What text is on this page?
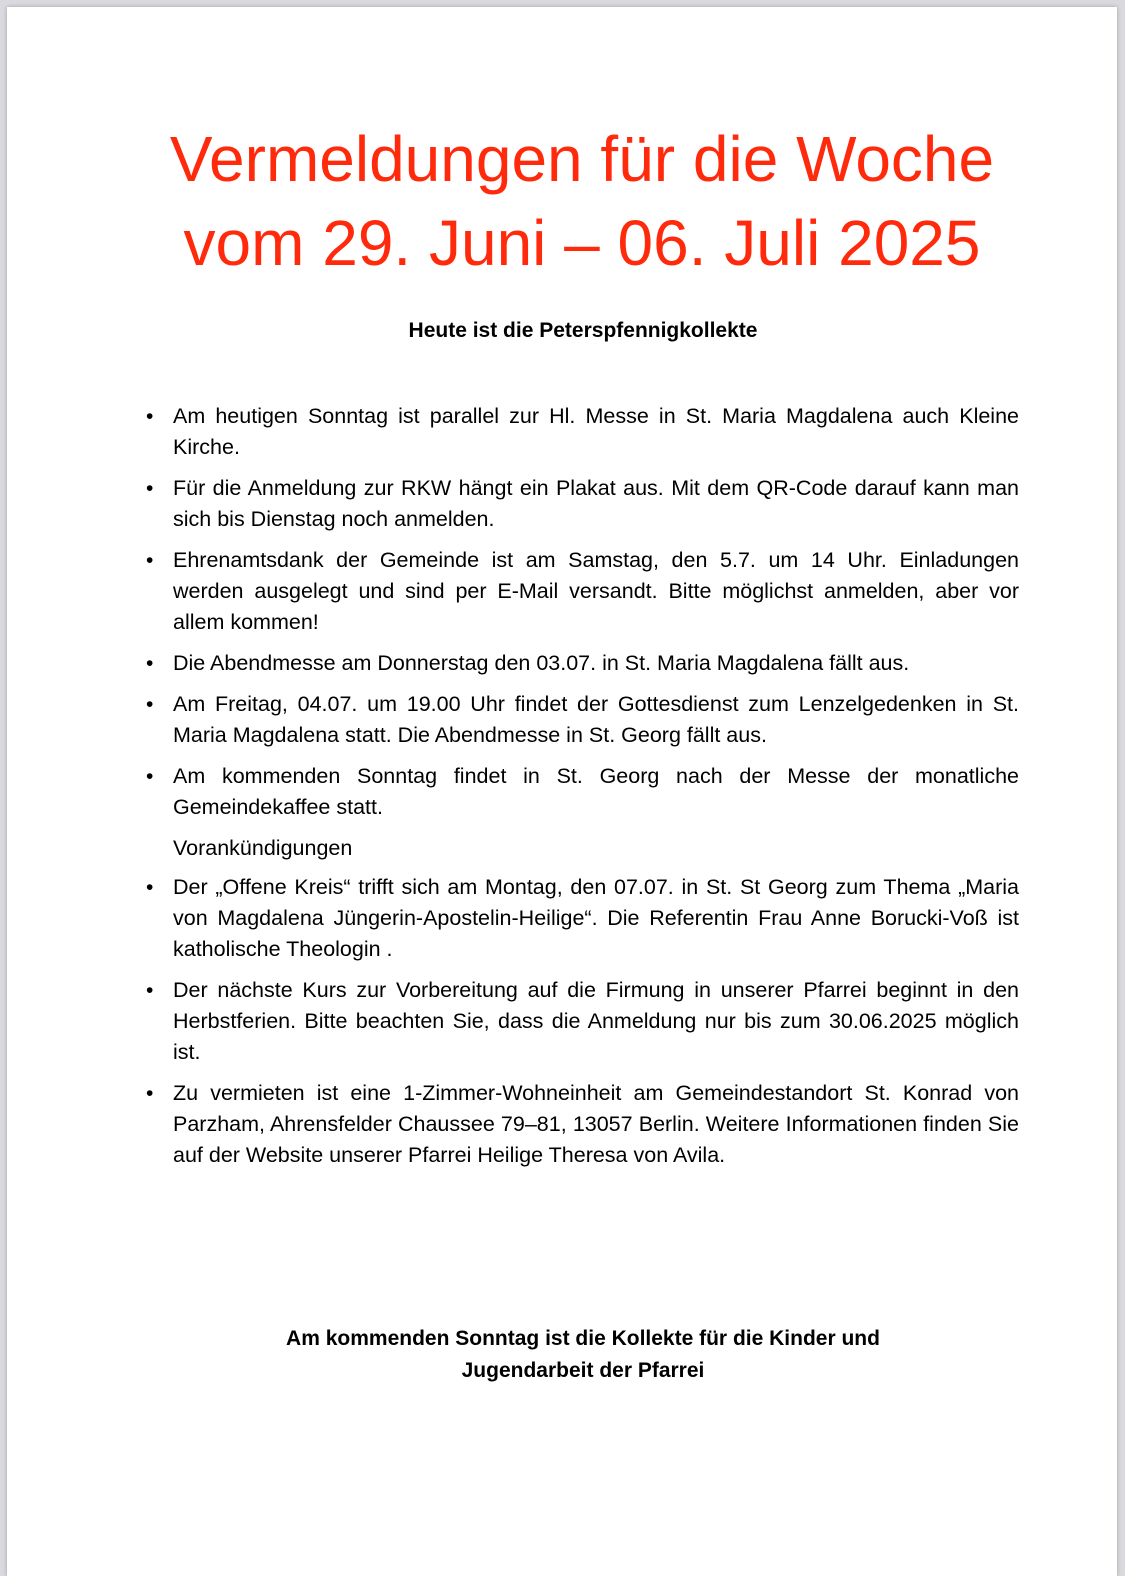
Vermeldungen für die Woche
vom 29. Juni – 06. Juli 2025

Heute ist die Peterspfennigkollekte

• Am heutigen Sonntag ist parallel zur Hl. Messe in St. Maria Magdalena auch Kleine Kirche.
• Für die Anmeldung zur RKW hängt ein Plakat aus. Mit dem QR-Code darauf kann man sich bis Dienstag noch anmelden.
• Ehrenamtsdank der Gemeinde ist am Samstag, den 5.7. um 14 Uhr. Einladungen werden ausgelegt und sind per E-Mail versandt. Bitte möglichst anmelden, aber vor allem kommen!
• Die Abendmesse am Donnerstag den 03.07. in St. Maria Magdalena fällt aus.
• Am Freitag, 04.07. um 19.00 Uhr findet der Gottesdienst zum Lenzelgedenken in St. Maria Magdalena statt. Die Abendmesse in St. Georg fällt aus.
• Am kommenden Sonntag findet in St. Georg nach der Messe der monatliche Gemeindekaffee statt.
Vorankündigungen
• Der „Offene Kreis“ trifft sich am Montag, den 07.07. in St. St Georg zum Thema „Maria von Magdalena Jüngerin-Apostelin-Heilige“. Die Referentin Frau Anne Borucki-Voß ist katholische Theologin .
• Der nächste Kurs zur Vorbereitung auf die Firmung in unserer Pfarrei beginnt in den Herbstferien. Bitte beachten Sie, dass die Anmeldung nur bis zum 30.06.2025 möglich ist.
• Zu vermieten ist eine 1-Zimmer-Wohneinheit am Gemeindestandort St. Konrad von Parzham, Ahrensfelder Chaussee 79–81, 13057 Berlin. Weitere Informationen finden Sie auf der Website unserer Pfarrei Heilige Theresa von Avila.

Am kommenden Sonntag ist die Kollekte für die Kinder und
Jugendarbeit der Pfarrei
